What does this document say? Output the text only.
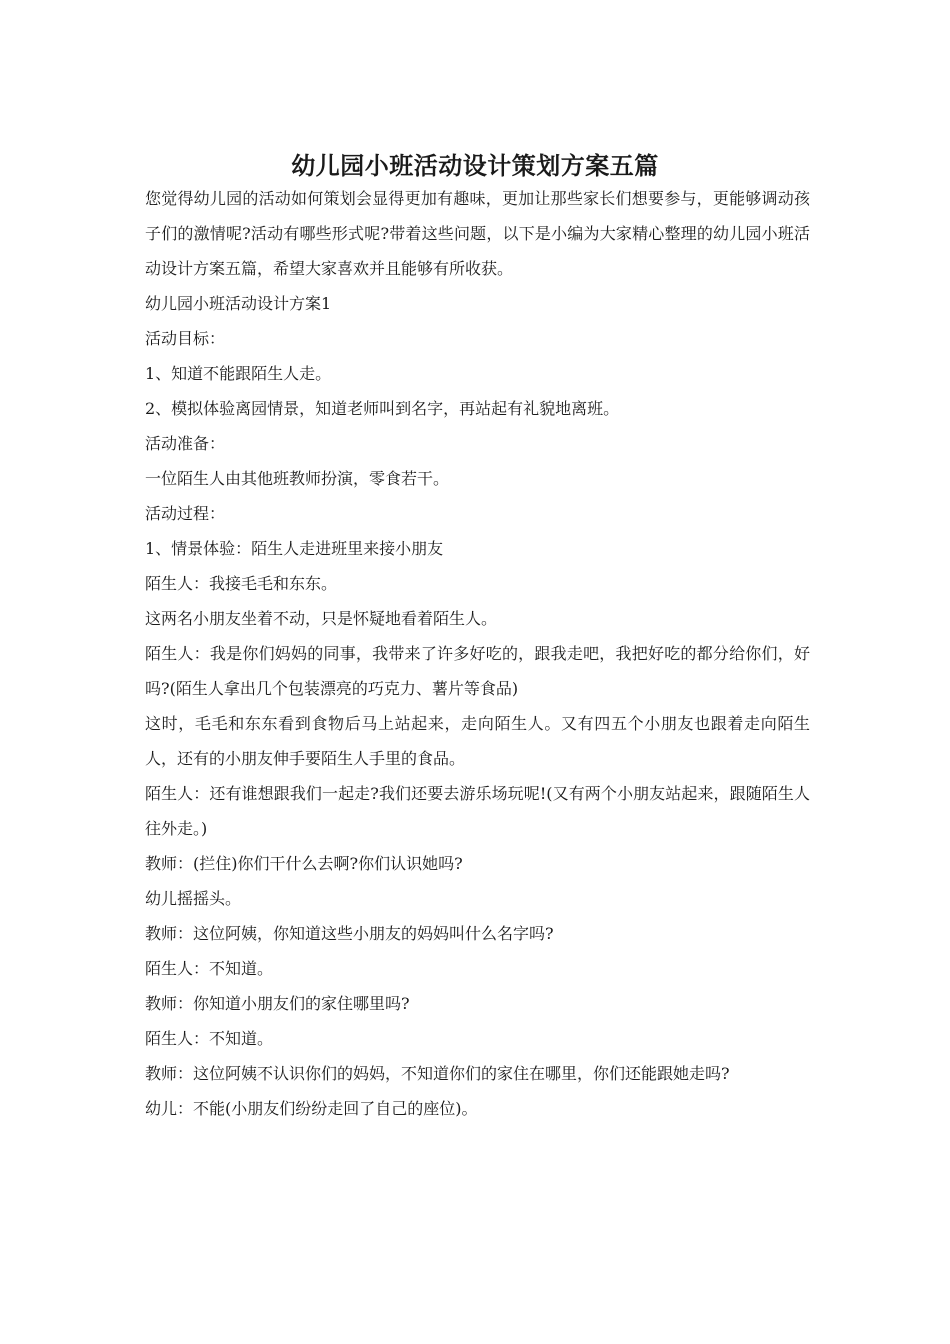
幼儿园小班活动设计策划方案五篇

您觉得幼儿园的活动如何策划会显得更加有趣味，更加让那些家长们想要参与，更能够调动孩子们的激情呢?活动有哪些形式呢?带着这些问题，以下是小编为大家精心整理的幼儿园小班活动设计方案五篇，希望大家喜欢并且能够有所收获。

幼儿园小班活动设计方案1

活动目标：

1、知道不能跟陌生人走。

2、模拟体验离园情景，知道老师叫到名字，再站起有礼貌地离班。

活动准备：

一位陌生人由其他班教师扮演，零食若干。

活动过程：

1、情景体验：陌生人走进班里来接小朋友

陌生人：我接毛毛和东东。

这两名小朋友坐着不动，只是怀疑地看着陌生人。

陌生人：我是你们妈妈的同事，我带来了许多好吃的，跟我走吧，我把好吃的都分给你们，好吗?(陌生人拿出几个包装漂亮的巧克力、薯片等食品)

这时，毛毛和东东看到食物后马上站起来，走向陌生人。又有四五个小朋友也跟着走向陌生人，还有的小朋友伸手要陌生人手里的食品。

陌生人：还有谁想跟我们一起走?我们还要去游乐场玩呢!(又有两个小朋友站起来，跟随陌生人往外走。)

教师：(拦住)你们干什么去啊?你们认识她吗?

幼儿摇摇头。

教师：这位阿姨，你知道这些小朋友的妈妈叫什么名字吗?

陌生人：不知道。

教师：你知道小朋友们的家住哪里吗?

陌生人：不知道。

教师：这位阿姨不认识你们的妈妈，不知道你们的家住在哪里，你们还能跟她走吗?

幼儿：不能(小朋友们纷纷走回了自己的座位)。
